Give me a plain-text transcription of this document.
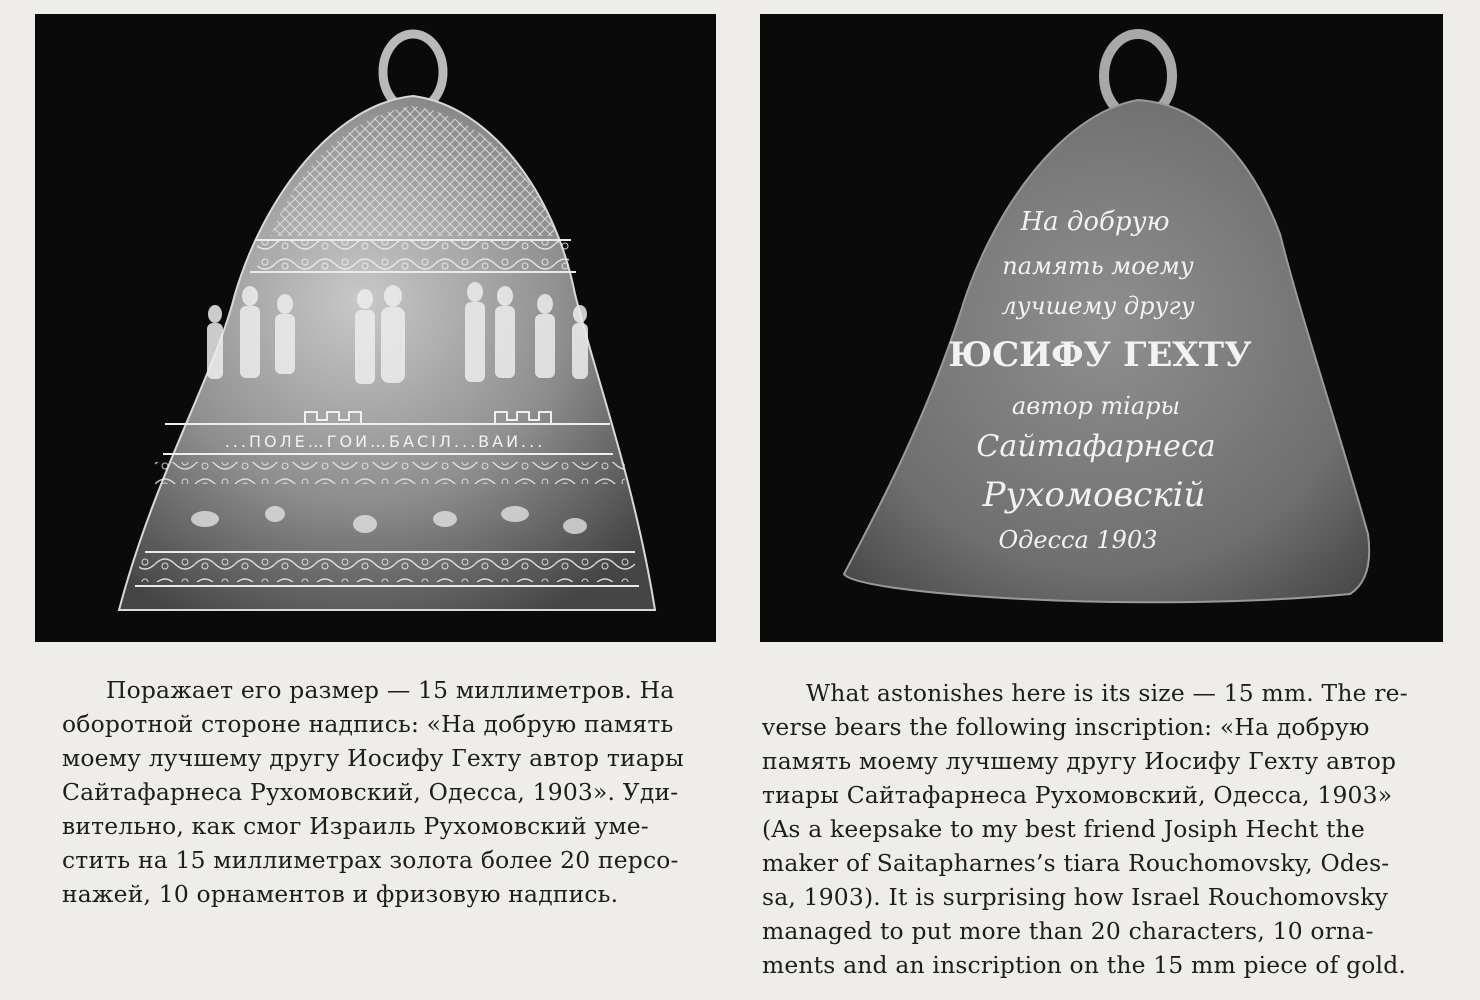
...ПОЛЕ…ГОИ…БАСІЛ...ВАИ...
На добрую
память моему
лучшему другу
ЮСИФУ ГЕХТУ
автор тiары
Сайтафарнеса
Рухомовскiй
Одесса 1903

Поражает его размер — 15 миллиметров. На

оборотной стороне надпись: «На добрую память

моему лучшему другу Иосифу Гехту автор тиары

Сайтафарнеса Рухомовский, Одесса, 1903». Уди-

вительно, как смог Израиль Рухомовский уме-

стить на 15 миллиметрах золота более 20 персо-

нажей, 10 орнаментов и фризовую надпись.

What astonishes here is its size — 15 mm. The re-

verse bears the following inscription: «На добрую

память моему лучшему другу Иосифу Гехту автор

тиары Сайтафарнеса Рухомовский, Одесса, 1903»

(As a keepsake to my best friend Josiph Hecht the

maker of Saitapharnes’s tiara Rouchomovsky, Odes-

sa, 1903). It is surprising how Israel Rouchomovsky

managed to put more than 20 characters, 10 orna-

ments and an inscription on the 15 mm piece of gold.
